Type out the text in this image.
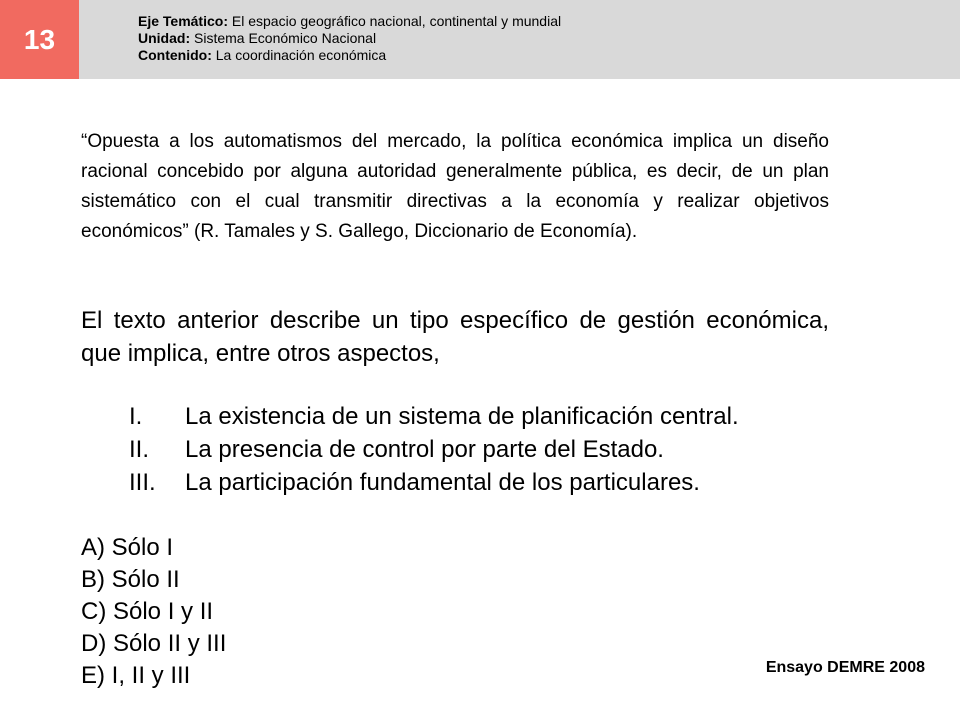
13
Eje Temático: El espacio geográfico nacional, continental y mundial
Unidad: Sistema Económico Nacional
Contenido: La coordinación económica

“Opuesta a los automatismos del mercado, la política económica implica un diseño racional concebido por alguna autoridad generalmente pública, es decir, de un plan sistemático con el cual transmitir directivas a la economía y realizar objetivos económicos” (R. Tamales y S. Gallego, Diccionario de Economía).

El texto anterior describe un tipo específico de gestión económica, que implica, entre otros aspectos,

I.	La existencia de un sistema de planificación central.
II.	La presencia de control por parte del Estado.
III.	La participación fundamental de los particulares.
A) Sólo I
B) Sólo II
C) Sólo I y II
D) Sólo II y III
E) I, II y III	Ensayo DEMRE 2008
